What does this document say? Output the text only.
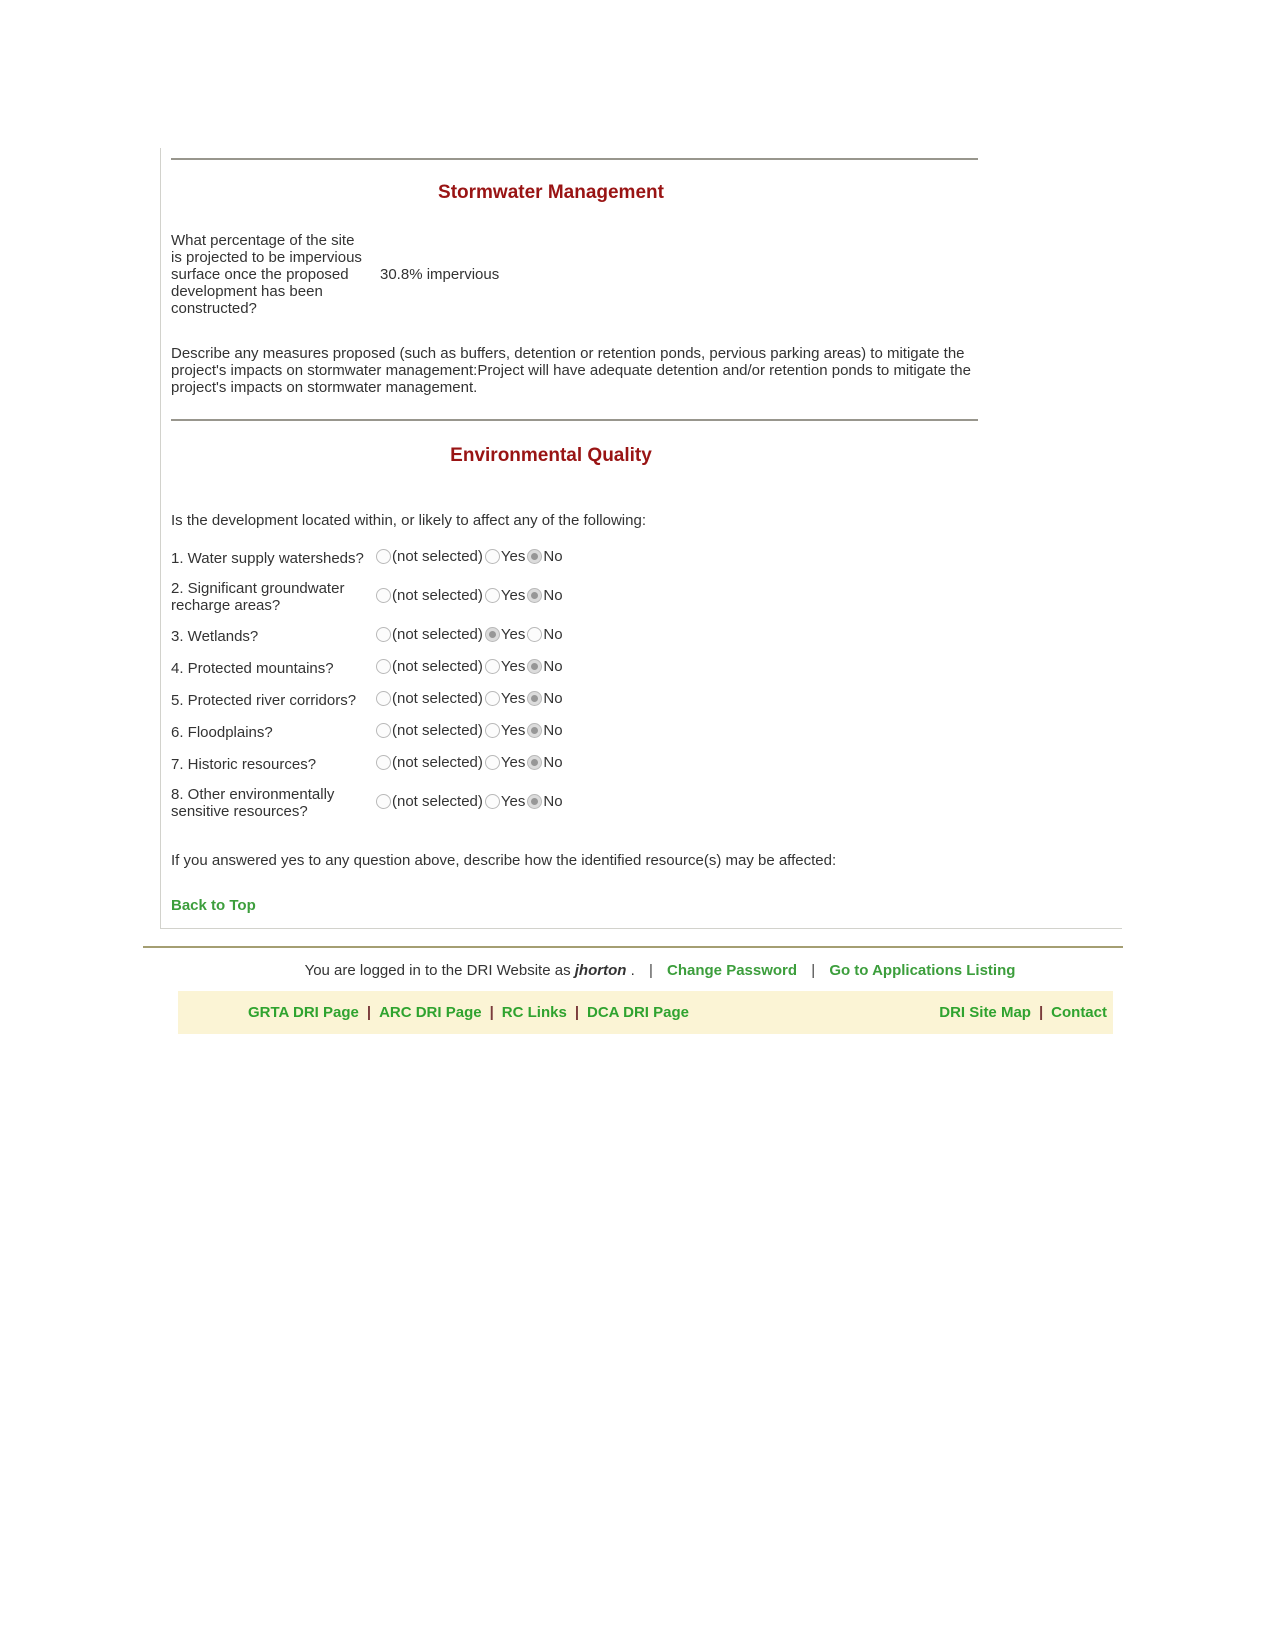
Stormwater Management
What percentage of the site is projected to be impervious surface once the proposed development has been constructed?	30.8% impervious

Describe any measures proposed (such as buffers, detention or retention ponds, pervious parking areas) to mitigate the project's impacts on stormwater management:Project will have adequate detention and/or retention ponds to mitigate the project's impacts on stormwater management.

Environmental Quality

Is the development located within, or likely to affect any of the following:

1. Water supply watersheds?	(not selected) Yes No

2. Significant groundwater recharge areas?	(not selected) Yes No

3. Wetlands?	(not selected) Yes No

4. Protected mountains?	(not selected) Yes No

5. Protected river corridors?	(not selected) Yes No

6. Floodplains?	(not selected) Yes No

7. Historic resources?	(not selected) Yes No

8. Other environmentally sensitive resources?	(not selected) Yes No

If you answered yes to any question above, describe how the identified resource(s) may be affected:

Back to Top
You are logged in to the DRI Website as jhorton . | Change Password | Go to Applications Listing
GRTA DRI Page | ARC DRI Page | RC Links | DCA DRI Page	DRI Site Map | Contact
